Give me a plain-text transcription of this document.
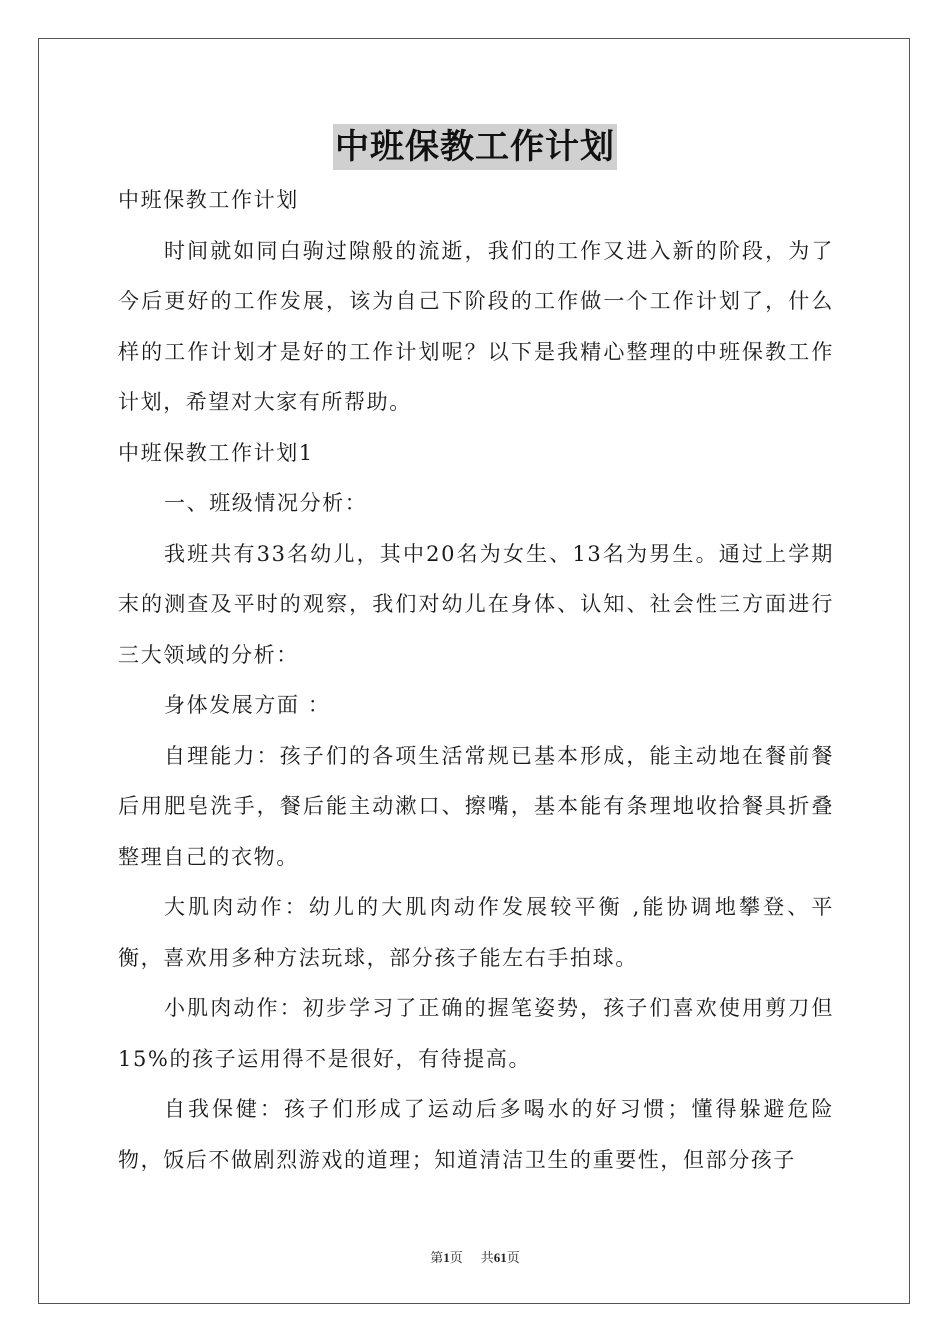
中班保教工作计划

中班保教工作计划

时间就如同白驹过隙般的流逝，我们的工作又进入新的阶段，为了今后更好的工作发展，该为自己下阶段的工作做一个工作计划了，什么样的工作计划才是好的工作计划呢？以下是我精心整理的中班保教工作计划，希望对大家有所帮助。

中班保教工作计划1

一、班级情况分析：

我班共有33名幼儿，其中20名为女生、13名为男生。通过上学期末的测查及平时的观察，我们对幼儿在身体、认知、社会性三方面进行三大领域的分析：

身体发展方面 ：

自理能力：孩子们的各项生活常规已基本形成，能主动地在餐前餐后用肥皂洗手，餐后能主动漱口、擦嘴，基本能有条理地收拾餐具折叠整理自己的衣物。

大肌肉动作：幼儿的大肌肉动作发展较平衡 ,能协调地攀登、平衡，喜欢用多种方法玩球，部分孩子能左右手拍球。

小肌肉动作：初步学习了正确的握笔姿势，孩子们喜欢使用剪刀但 15%的孩子运用得不是很好，有待提高。

自我保健：孩子们形成了运动后多喝水的好习惯；懂得躲避危险物，饭后不做剧烈游戏的道理；知道清洁卫生的重要性，但部分孩子

第1页 共61页
